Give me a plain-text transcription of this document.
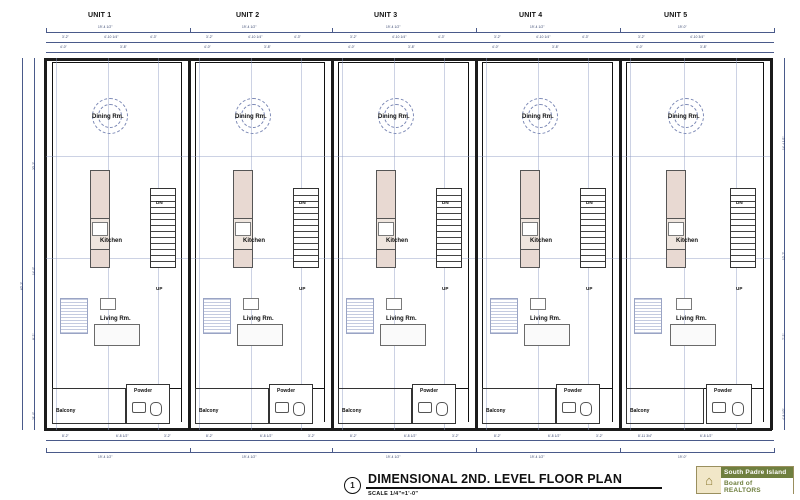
UNIT 1	UNIT 2	UNIT 3	UNIT 4	UNIT 5
19'-4 1/2"	19'-4 1/2"	19'-4 1/2"	19'-4 1/2"	19'-0"
3'-2"	4'-10 1/4"	4'-3"	3'-2"	4'-10 1/4"	4'-3"	3'-2"	4'-10 1/4"	4'-3"	3'-2"	4'-10 1/4"	4'-3"	3'-2"	4'-10 3/4"
4'-0"	3'-8"	4'-0"	3'-8"	4'-0"	3'-8"	4'-0"	3'-8"	4'-0"	3'-8"
62'-2"
20'-2"
14'-0"
8'-2"
21'-0"
14'-4 1/2"
12'-7"
7'-2"
4'-8 1/2"
8'-2"	6'-8 1/2"	3'-2"	8'-2"	6'-8 1/2"	3'-2"	8'-2"	6'-8 1/2"	3'-2"	8'-2"	6'-8 1/2"	3'-2"	8'-11 3/4"	6'-8 1/2"
19'-4 1/2"	19'-4 1/2"	19'-4 1/2"	19'-4 1/2"	19'-0"
Dining Rm.
Kitchen
DN
UP
Living Rm.
Balcony
Powder
Dining Rm.
Kitchen
DN
UP
Living Rm.
Balcony
Powder
Dining Rm.
Kitchen
DN
UP
Living Rm.
Balcony
Powder
Dining Rm.
Kitchen
DN
UP
Living Rm.
Balcony
Powder
Dining Rm.
Kitchen
DN
UP
Living Rm.
Balcony
Powder
1	DIMENSIONAL 2ND. LEVEL FLOOR PLAN
SCALE 1/4"=1'-0"
⌂	South Padre Island
Board of REALTORS
